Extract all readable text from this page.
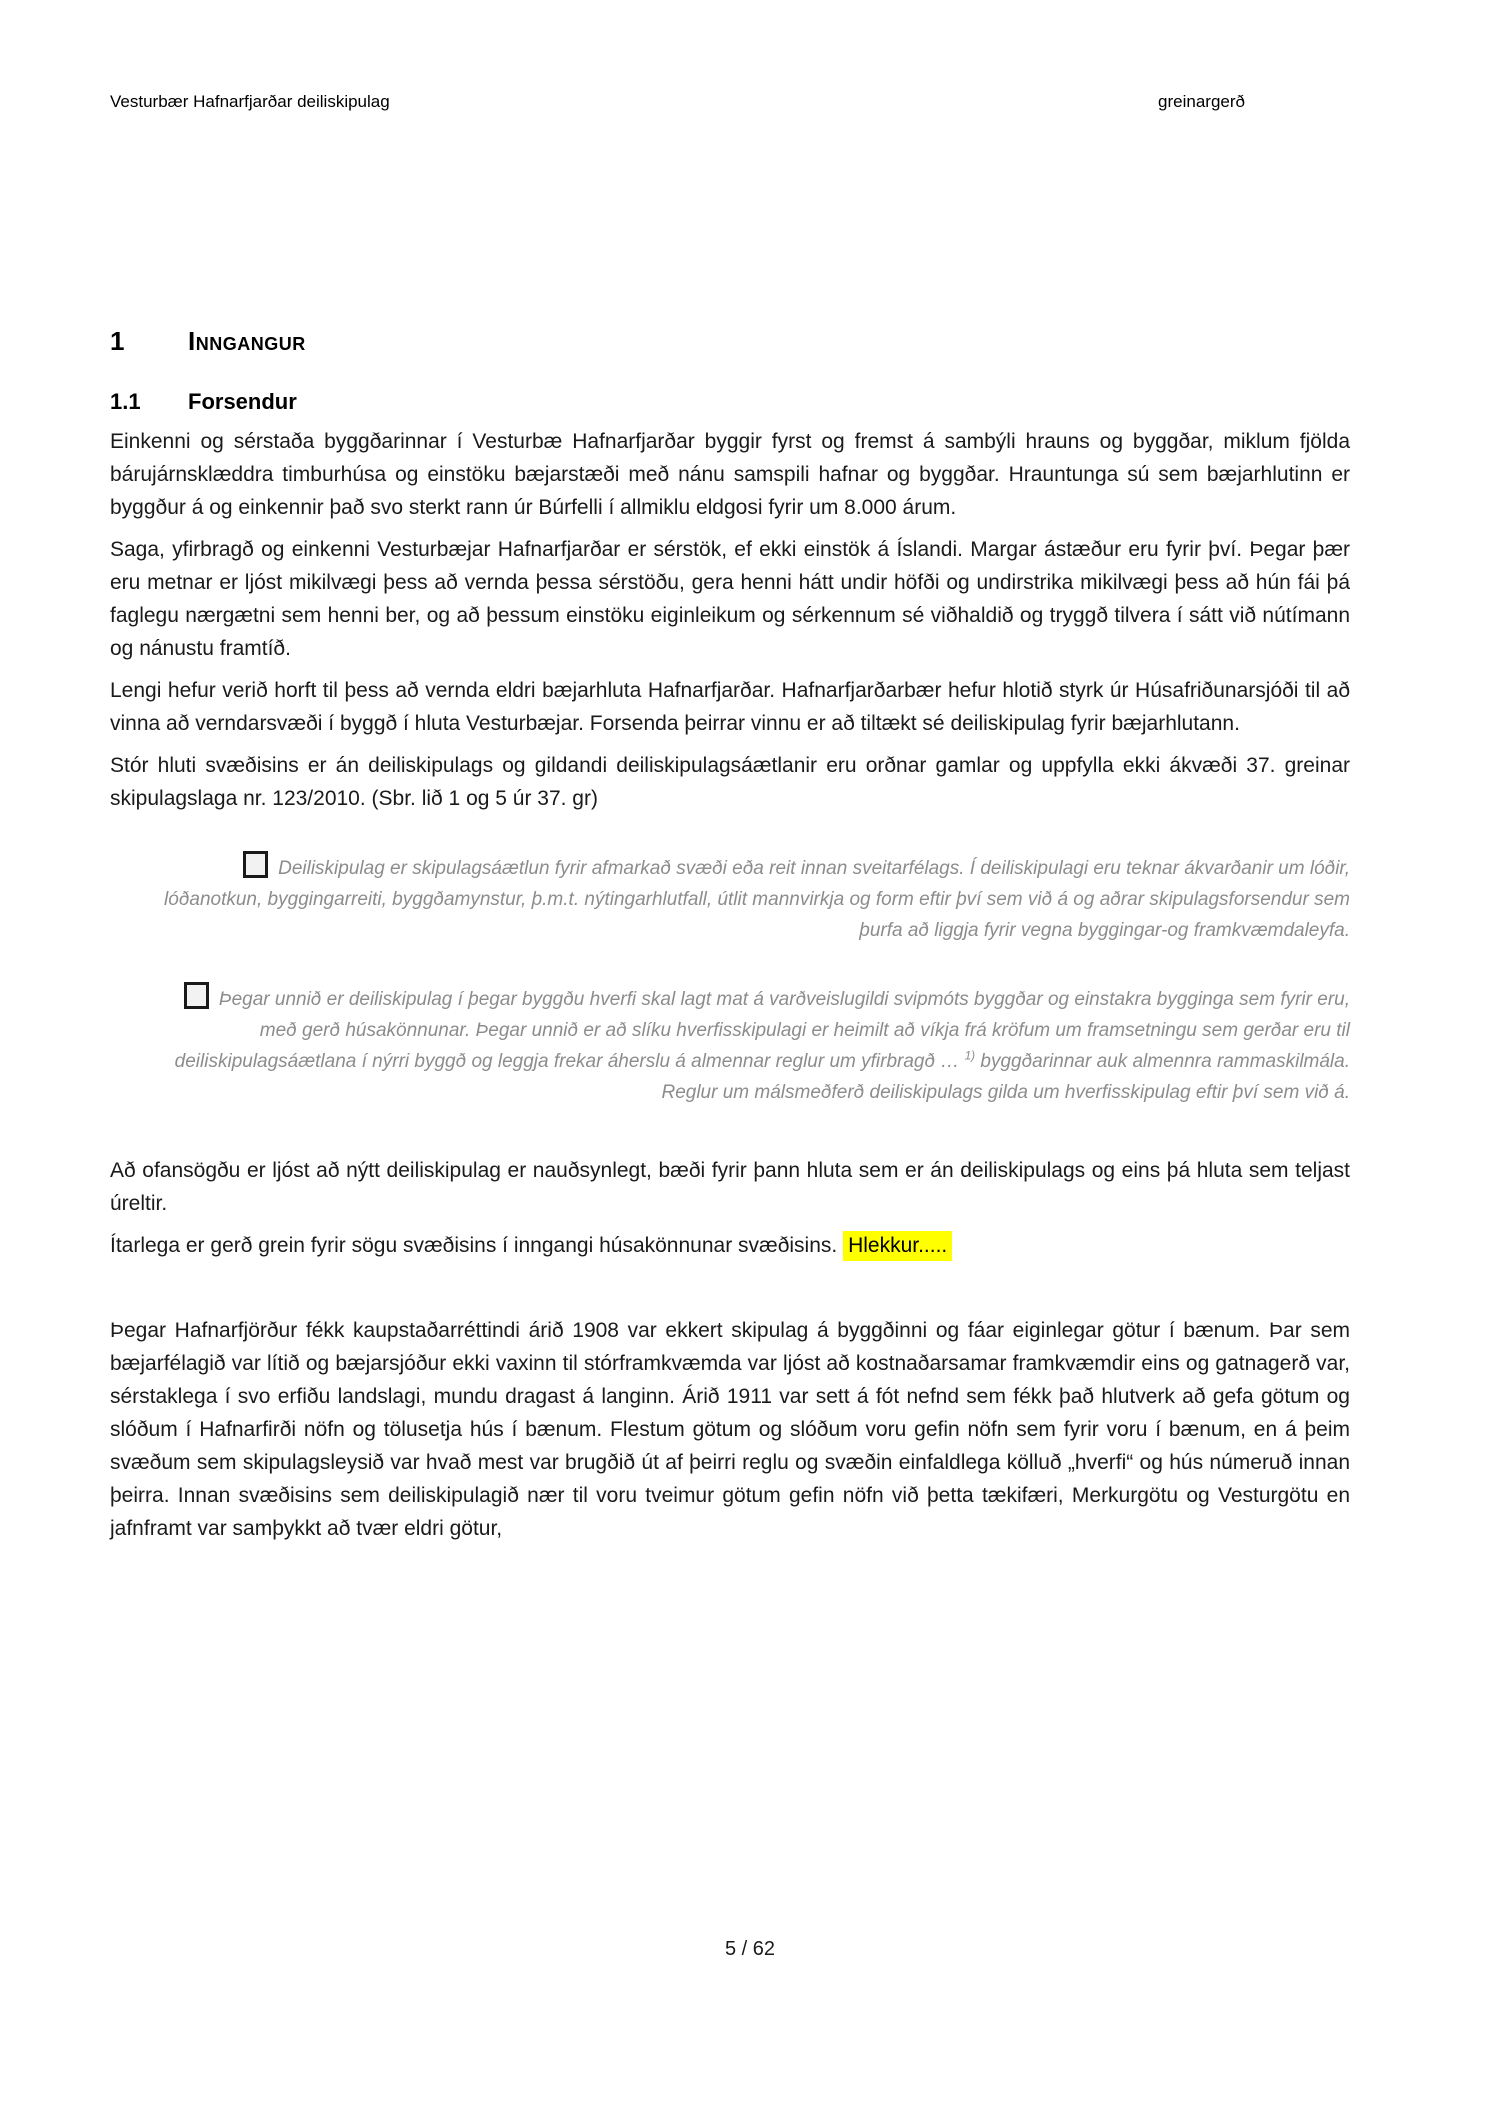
Vesturbær Hafnarfjarðar deiliskipulag	greinargerð
1	Inngangur
1.1	Forsendur

Einkenni og sérstaða byggðarinnar í Vesturbæ Hafnarfjarðar byggir fyrst og fremst á sambýli hrauns og byggðar, miklum fjölda bárujárnsklæddra timburhúsa og einstöku bæjarstæði með nánu samspili hafnar og byggðar. Hrauntunga sú sem bæjarhlutinn er byggður á og einkennir það svo sterkt rann úr Búrfelli í allmiklu eldgosi fyrir um 8.000 árum.

Saga, yfirbragð og einkenni Vesturbæjar Hafnarfjarðar er sérstök, ef ekki einstök á Íslandi. Margar ástæður eru fyrir því. Þegar þær eru metnar er ljóst mikilvægi þess að vernda þessa sérstöðu, gera henni hátt undir höfði og undirstrika mikilvægi þess að hún fái þá faglegu nærgætni sem henni ber, og að þessum einstöku eiginleikum og sérkennum sé viðhaldið og tryggð tilvera í sátt við nútímann og nánustu framtíð.

Lengi hefur verið horft til þess að vernda eldri bæjarhluta Hafnarfjarðar. Hafnarfjarðarbær hefur hlotið styrk úr Húsafriðunarsjóði til að vinna að verndarsvæði í byggð í hluta Vesturbæjar. Forsenda þeirrar vinnu er að tiltækt sé deiliskipulag fyrir bæjarhlutann.

Stór hluti svæðisins er án deiliskipulags og gildandi deiliskipulagsáætlanir eru orðnar gamlar og uppfylla ekki ákvæði 37. greinar skipulagslaga nr. 123/2010. (Sbr. lið 1 og 5 úr 37. gr)

Deiliskipulag er skipulagsáætlun fyrir afmarkað svæði eða reit innan sveitarfélags. Í deiliskipulagi eru teknar ákvarðanir um lóðir, lóðanotkun, byggingarreiti, byggðamynstur, þ.m.t. nýtingarhlutfall, útlit mannvirkja og form eftir því sem við á og aðrar skipulagsforsendur sem þurfa að liggja fyrir vegna byggingar-og framkvæmdaleyfa.

Þegar unnið er deiliskipulag í þegar byggðu hverfi skal lagt mat á varðveislugildi svipmóts byggðar og einstakra bygginga sem fyrir eru, með gerð húsakönnunar. Þegar unnið er að slíku hverfisskipulagi er heimilt að víkja frá kröfum um framsetningu sem gerðar eru til deiliskipulagsáætlana í nýrri byggð og leggja frekar áherslu á almennar reglur um yfirbragð … $^{1)}$ byggðarinnar auk almennra rammaskilmála. Reglur um málsmeðferð deiliskipulags gilda um hverfisskipulag eftir því sem við á.

Að ofansögðu er ljóst að nýtt deiliskipulag er nauðsynlegt, bæði fyrir þann hluta sem er án deiliskipulags og eins þá hluta sem teljast úreltir.

Ítarlega er gerð grein fyrir sögu svæðisins í inngangi húsakönnunar svæðisins. Hlekkur.....

Þegar Hafnarfjörður fékk kaupstaðarréttindi árið 1908 var ekkert skipulag á byggðinni og fáar eiginlegar götur í bænum. Þar sem bæjarfélagið var lítið og bæjarsjóður ekki vaxinn til stórframkvæmda var ljóst að kostnaðarsamar framkvæmdir eins og gatnagerð var, sérstaklega í svo erfiðu landslagi, mundu dragast á langinn. Árið 1911 var sett á fót nefnd sem fékk það hlutverk að gefa götum og slóðum í Hafnarfirði nöfn og tölusetja hús í bænum. Flestum götum og slóðum voru gefin nöfn sem fyrir voru í bænum, en á þeim svæðum sem skipulagsleysið var hvað mest var brugðið út af þeirri reglu og svæðin einfaldlega kölluð „hverfi“ og hús númeruð innan þeirra. Innan svæðisins sem deiliskipulagið nær til voru tveimur götum gefin nöfn við þetta tækifæri, Merkurgötu og Vesturgötu en jafnframt var samþykkt að tvær eldri götur,

5 / 62
